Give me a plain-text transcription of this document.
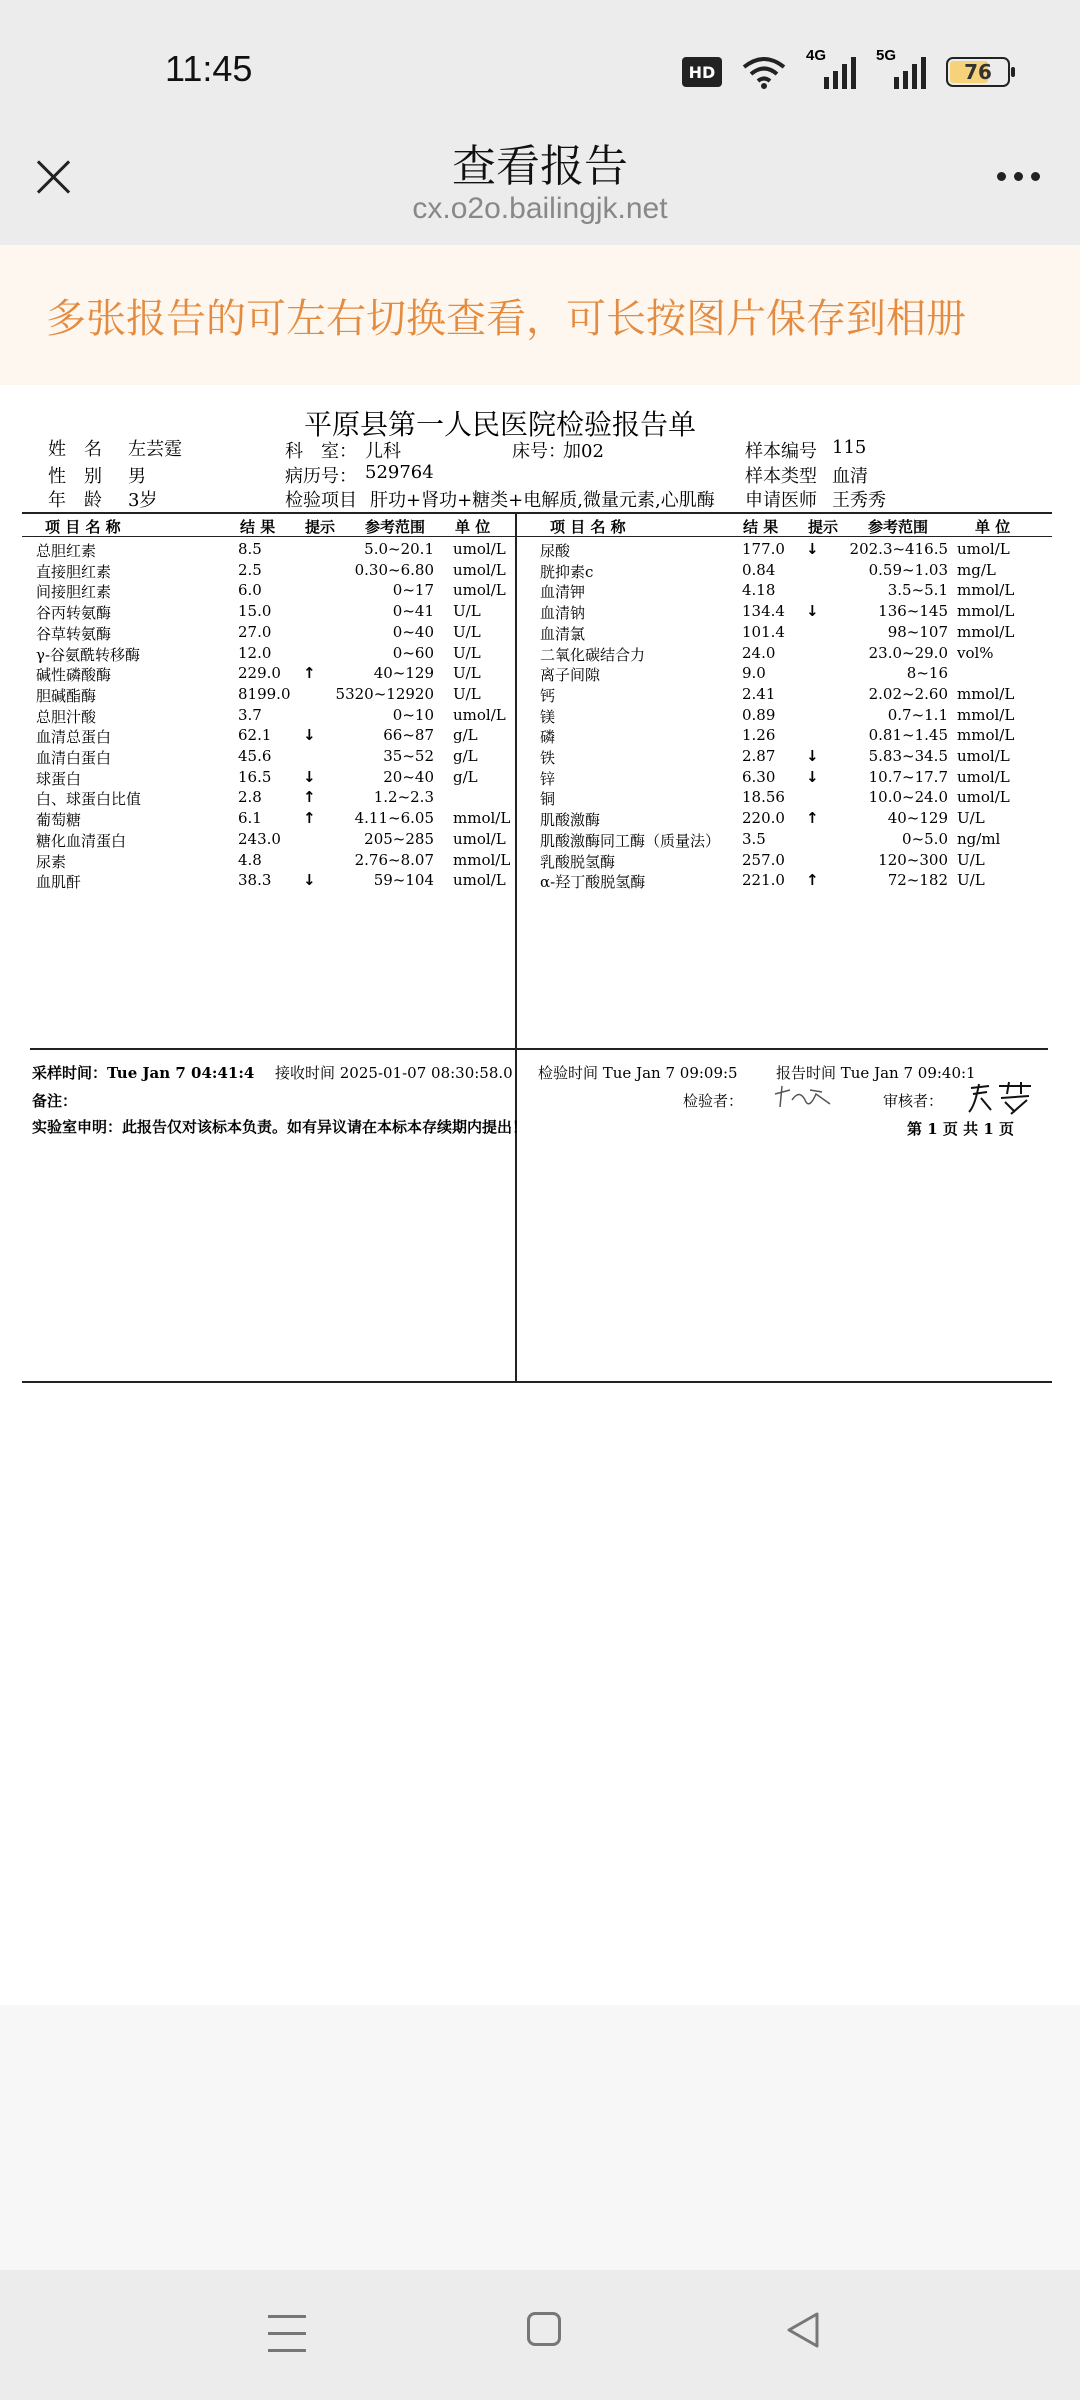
11:45	HD
4G	5G
76
查看报告
cx.o2o.bailingjk.net
多张报告的可左右切换查看，可长按图片保存到相册
平原县第一人民医院检验报告单
姓　名 左芸霆
性　别 男
年　龄 3岁
科　室： 儿科	床号：
加02
病历号： 529764
检验项目 肝功+肾功+糖类+电解质,微量元素,心肌酶
样本编号 115
样本类型 血清
申请医师 王秀秀
项 目 名 称	结 果 提示 参考范围 单 位	项 目 名 称	结 果 提示 参考范围	单 位
总胆红素	8.5	5.0~20.1 umol/L
直接胆红素	2.5	0.30~6.80 umol/L
间接胆红素	6.0	0~17 umol/L
谷丙转氨酶	15.0	0~41 U/L
谷草转氨酶	27.0	0~40 U/L
γ-谷氨酰转移酶	12.0	0~60 U/L
碱性磷酸酶	229.0 ↑	40~129 U/L
胆碱酯酶	8199.0	5320~12920 U/L
总胆汁酸	3.7	0~10 umol/L
血清总蛋白	62.1 ↓	66~87 g/L
血清白蛋白	45.6	35~52 g/L
球蛋白	16.5 ↓	20~40 g/L
白、球蛋白比值	2.8	↑	1.2~2.3
葡萄糖	6.1	↑	4.11~6.05 mmol/L
糖化血清蛋白	243.0	205~285 umol/L
尿素	4.8	2.76~8.07 mmol/L
血肌酐	38.3 ↓	59~104 umol/L
尿酸	177.0 ↓	202.3~416.5 umol/L
胱抑素c	0.84	0.59~1.03 mg/L
血清钾	4.18	3.5~5.1 mmol/L
血清钠	134.4 ↓	136~145 mmol/L
血清氯	101.4	98~107 mmol/L
二氧化碳结合力	24.0	23.0~29.0 vol%
离子间隙	9.0	8~16
钙	2.41	2.02~2.60 mmol/L
镁	0.89	0.7~1.1 mmol/L
磷	1.26	0.81~1.45 mmol/L
铁	2.87 ↓	5.83~34.5 umol/L
锌	6.30 ↓	10.7~17.7 umol/L
铜	18.56	10.0~24.0 umol/L
肌酸激酶	220.0 ↑	40~129 U/L
肌酸激酶同工酶（质量法） 3.5	0~5.0 ng/ml
乳酸脱氢酶	257.0	120~300 U/L
α-羟丁酸脱氢酶	221.0 ↑	72~182 U/L
采样时间：Tue Jan 7 04:41:4 接收时间 2025-01-07 08:30:58.0 检验时间 Tue Jan 7 09:09:5	报告时间 Tue Jan 7 09:40:1
备注：	检验者：	审核者：
实验室申明：此报告仅对该标本负责。如有异议请在本标本存续期内提出！	第 1 页 共 1 页
